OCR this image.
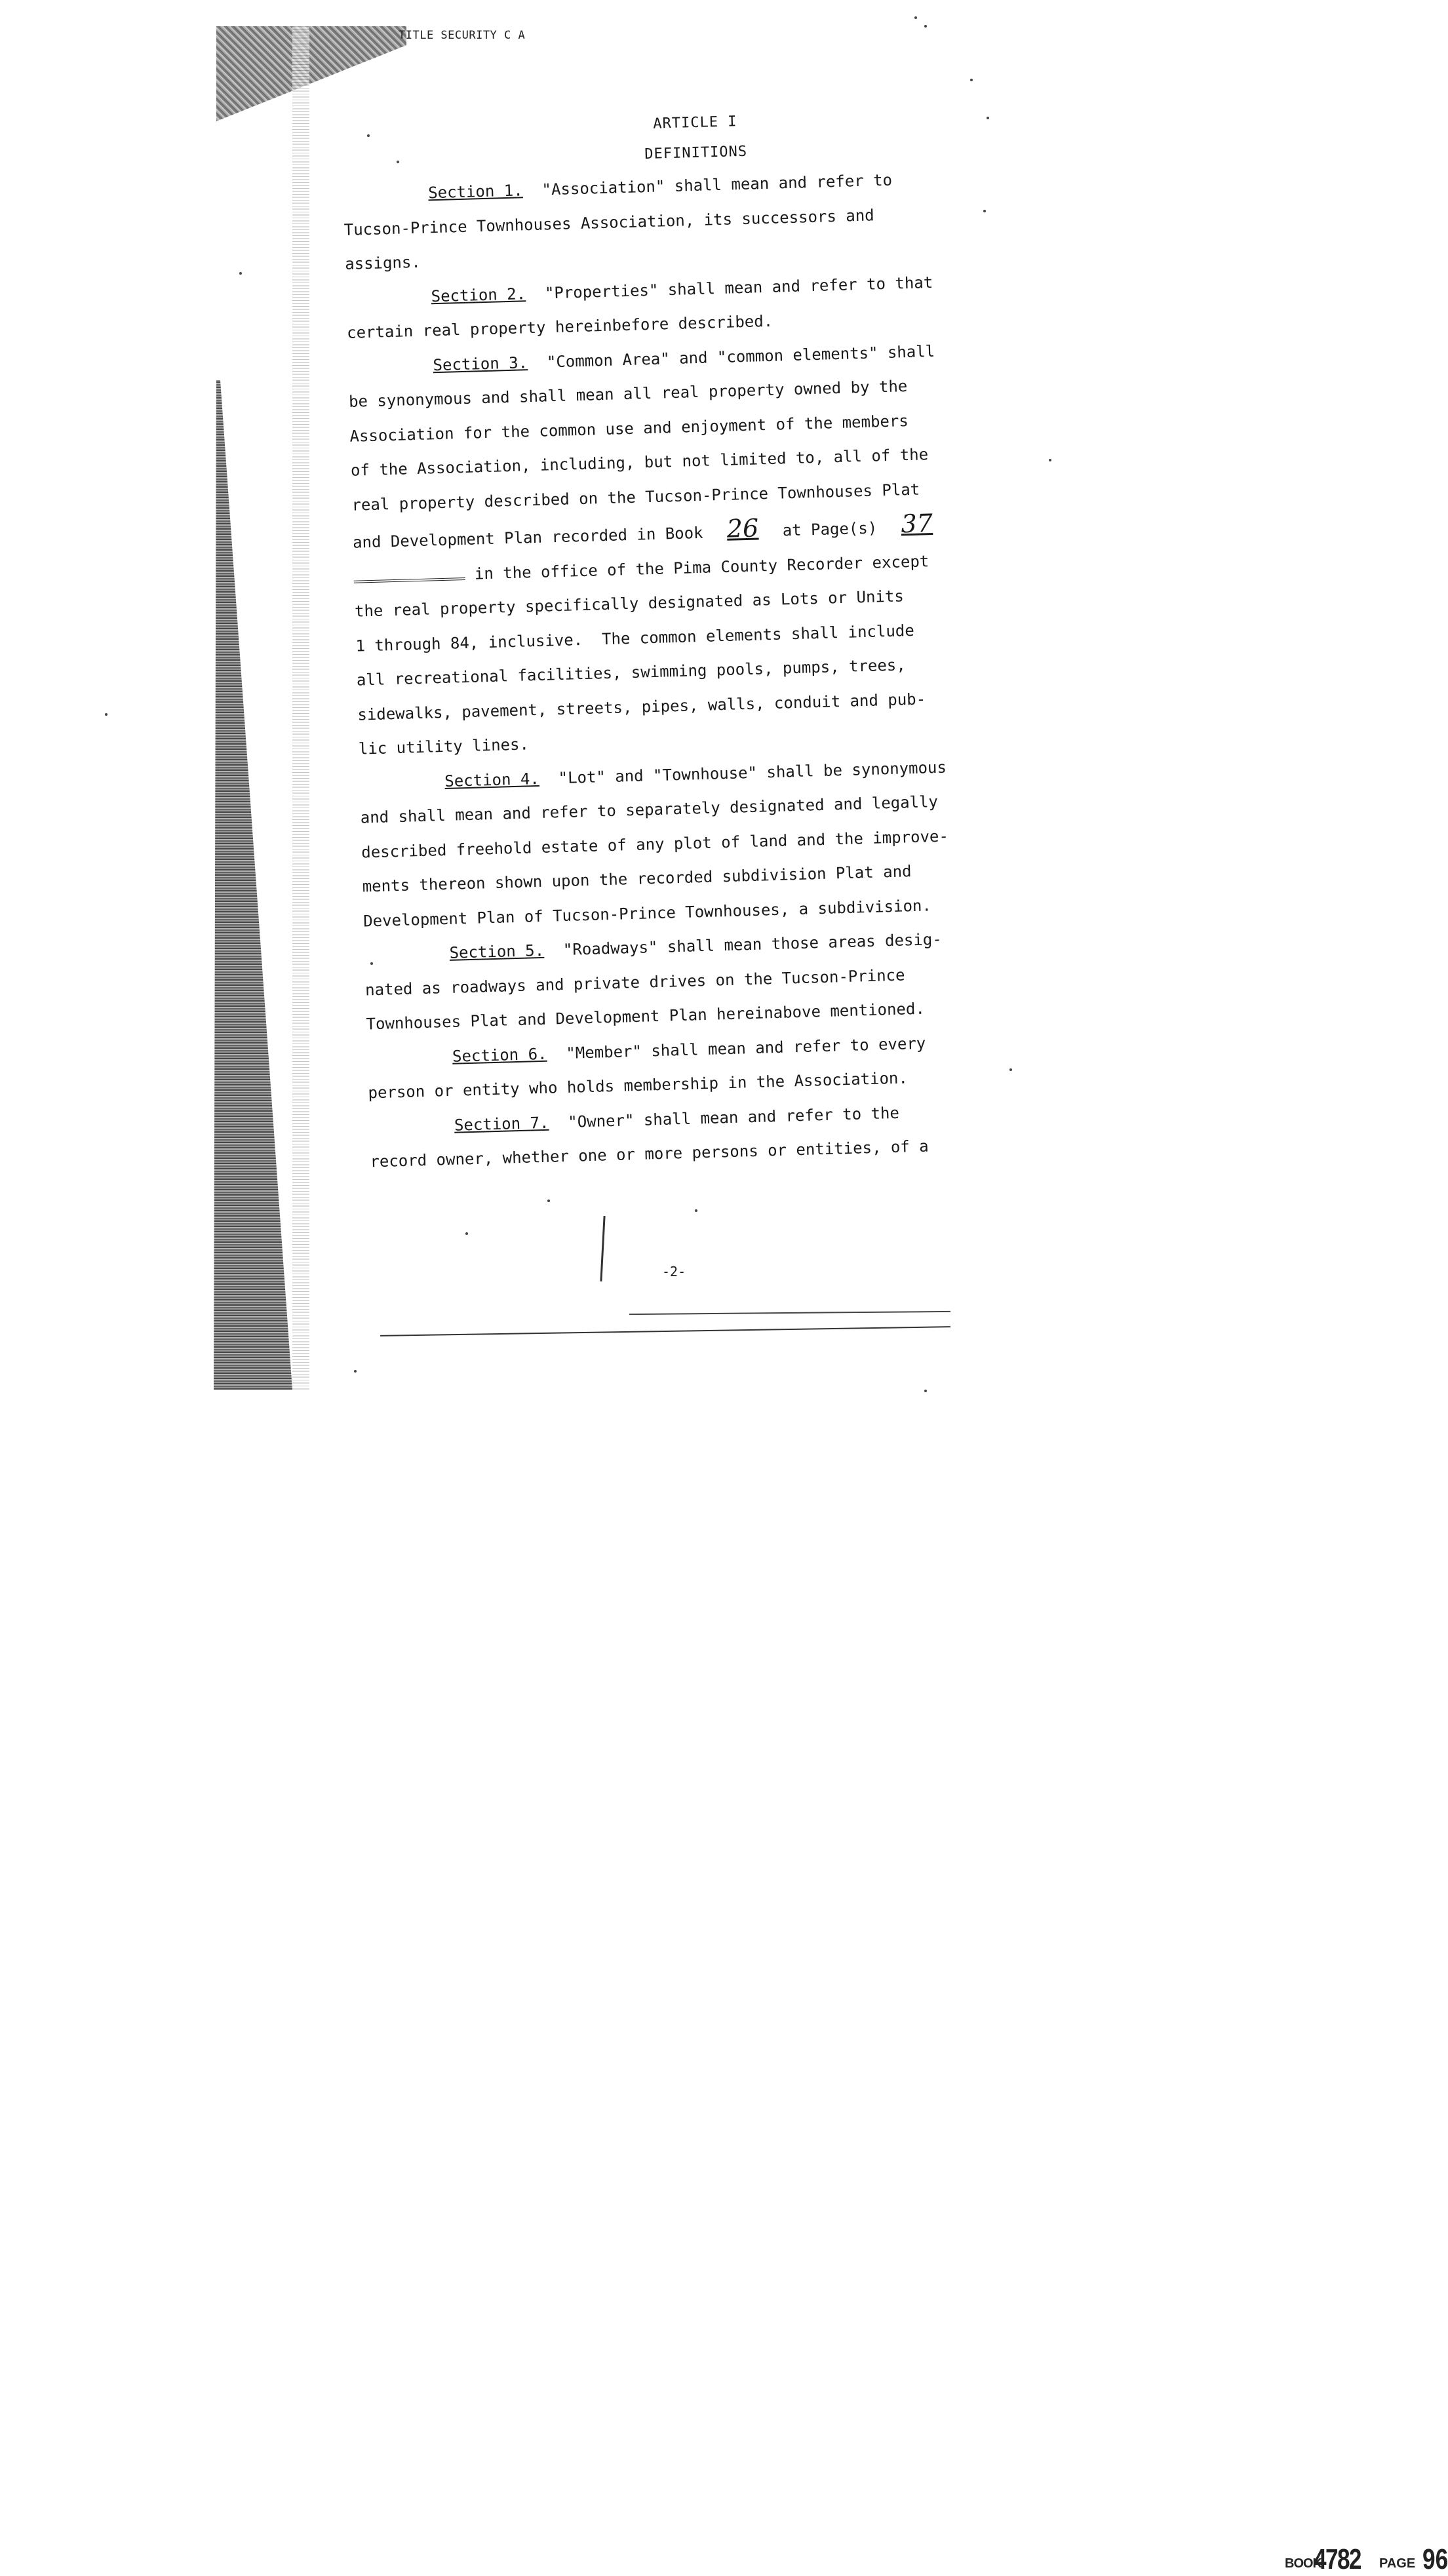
TITLE SECURITY C A
ARTICLE I
DEFINITIONS
Section 1.  "Association" shall mean and refer to
Tucson-Prince Townhouses Association, its successors and
assigns.
Section 2.  "Properties" shall mean and refer to that
certain real property hereinbefore described.
Section 3.  "Common Area" and "common elements" shall
be synonymous and shall mean all real property owned by the
Association for the common use and enjoyment of the members
of the Association, including, but not limited to, all of the
real property described on the Tucson-Prince Townhouses Plat
and Development Plan recorded in Book 26 at Page(s) 37
in the office of the Pima County Recorder except
the real property specifically designated as Lots or Units
1 through 84, inclusive.  The common elements shall include
all recreational facilities, swimming pools, pumps, trees,
sidewalks, pavement, streets, pipes, walls, conduit and pub-
lic utility lines.
Section 4.  "Lot" and "Townhouse" shall be synonymous
and shall mean and refer to separately designated and legally
described freehold estate of any plot of land and the improve-
ments thereon shown upon the recorded subdivision Plat and
Development Plan of Tucson-Prince Townhouses, a subdivision.
Section 5.  "Roadways" shall mean those areas desig-
nated as roadways and private drives on the Tucson-Prince
Townhouses Plat and Development Plan hereinabove mentioned.
Section 6.  "Member" shall mean and refer to every
person or entity who holds membership in the Association.
Section 7.  "Owner" shall mean and refer to the
record owner, whether one or more persons or entities, of a
-2-
BOOK
4782 PAGE 96
